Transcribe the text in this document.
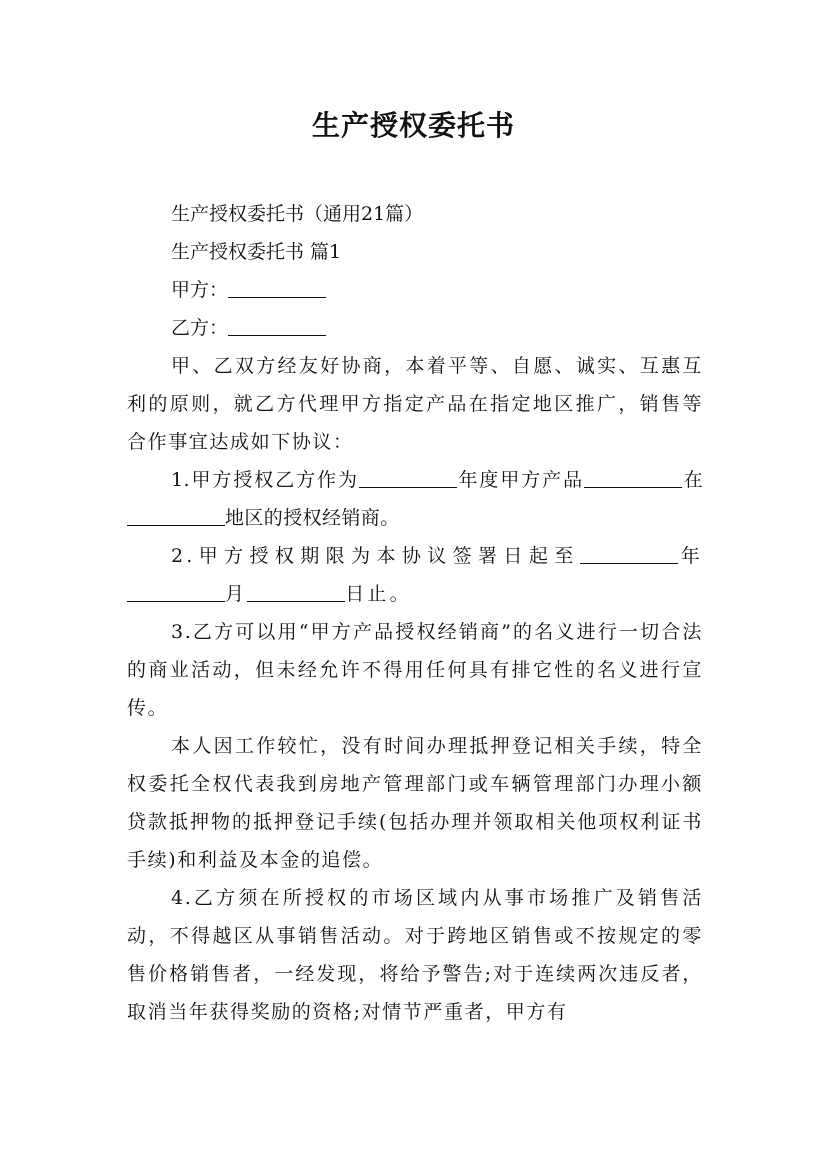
生产授权委托书
生产授权委托书（通用21篇）
生产授权委托书 篇1
甲方：
乙方：

甲、乙双方经友好协商，本着平等、自愿、诚实、互惠互利的原则，就乙方代理甲方指定产品在指定地区推广，销售等合作事宜达成如下协议：

1.甲方授权乙方作为	年度甲方产品	在地区的授权经销商。

2.甲方授权期限为本协议签署日起至	年月	日止。

3.乙方可以用“甲方产品授权经销商”的名义进行一切合法的商业活动，但未经允许不得用任何具有排它性的名义进行宣传。

本人因工作较忙，没有时间办理抵押登记相关手续，特全权委托全权代表我到房地产管理部门或车辆管理部门办理小额贷款抵押物的抵押登记手续(包括办理并领取相关他项权利证书手续)和利益及本金的追偿。

4.乙方须在所授权的市场区域内从事市场推广及销售活动，不得越区从事销售活动。对于跨地区销售或不按规定的零售价格销售者，一经发现，将给予警告;对于连续两次违反者，取消当年获得奖励的资格;对情节严重者，甲方有
